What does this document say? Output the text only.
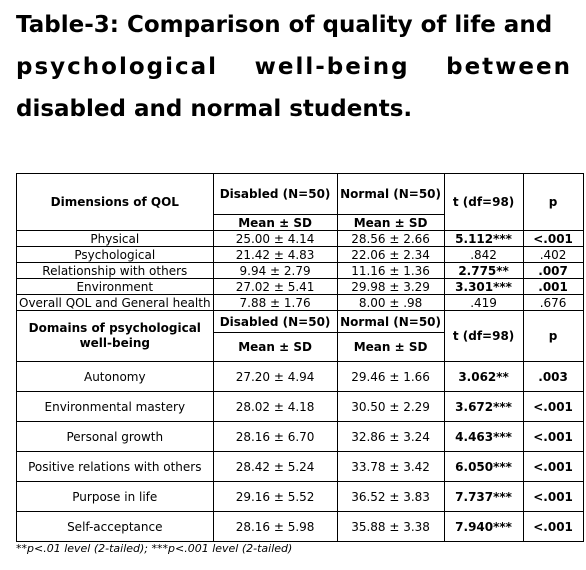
Table-3: Comparison of quality of life and
psychological well-being between
disabled and normal students.
Dimensions of QOL	Disabled (N=50)	Normal (N=50)	t (df=98)	p
	Mean ± SD	Mean ± SD		
Physical	25.00 ± 4.14	28.56 ± 2.66	5.112***	<.001
Psychological	21.42 ± 4.83	22.06 ± 2.34	.842	.402
Relationship with others	9.94 ± 2.79	11.16 ± 1.36	2.775**	.007
Environment	27.02 ± 5.41	29.98 ± 3.29	3.301***	.001
Overall QOL and General health	7.88 ± 1.76	8.00 ± .98	.419	.676
Domains of psychological well-being	Disabled (N=50)	Normal (N=50)	t (df=98)	p
	Mean ± SD	Mean ± SD		
Autonomy	27.20 ± 4.94	29.46 ± 1.66	3.062**	.003
Environmental mastery	28.02 ± 4.18	30.50 ± 2.29	3.672***	<.001
Personal growth	28.16 ± 6.70	32.86 ± 3.24	4.463***	<.001
Positive relations with others	28.42 ± 5.24	33.78 ± 3.42	6.050***	<.001
Purpose in life	29.16 ± 5.52	36.52 ± 3.83	7.737***	<.001
Self-acceptance	28.16 ± 5.98	35.88 ± 3.38	7.940***	<.001
**p<.01 level (2-tailed); ***p<.001 level (2-tailed)
